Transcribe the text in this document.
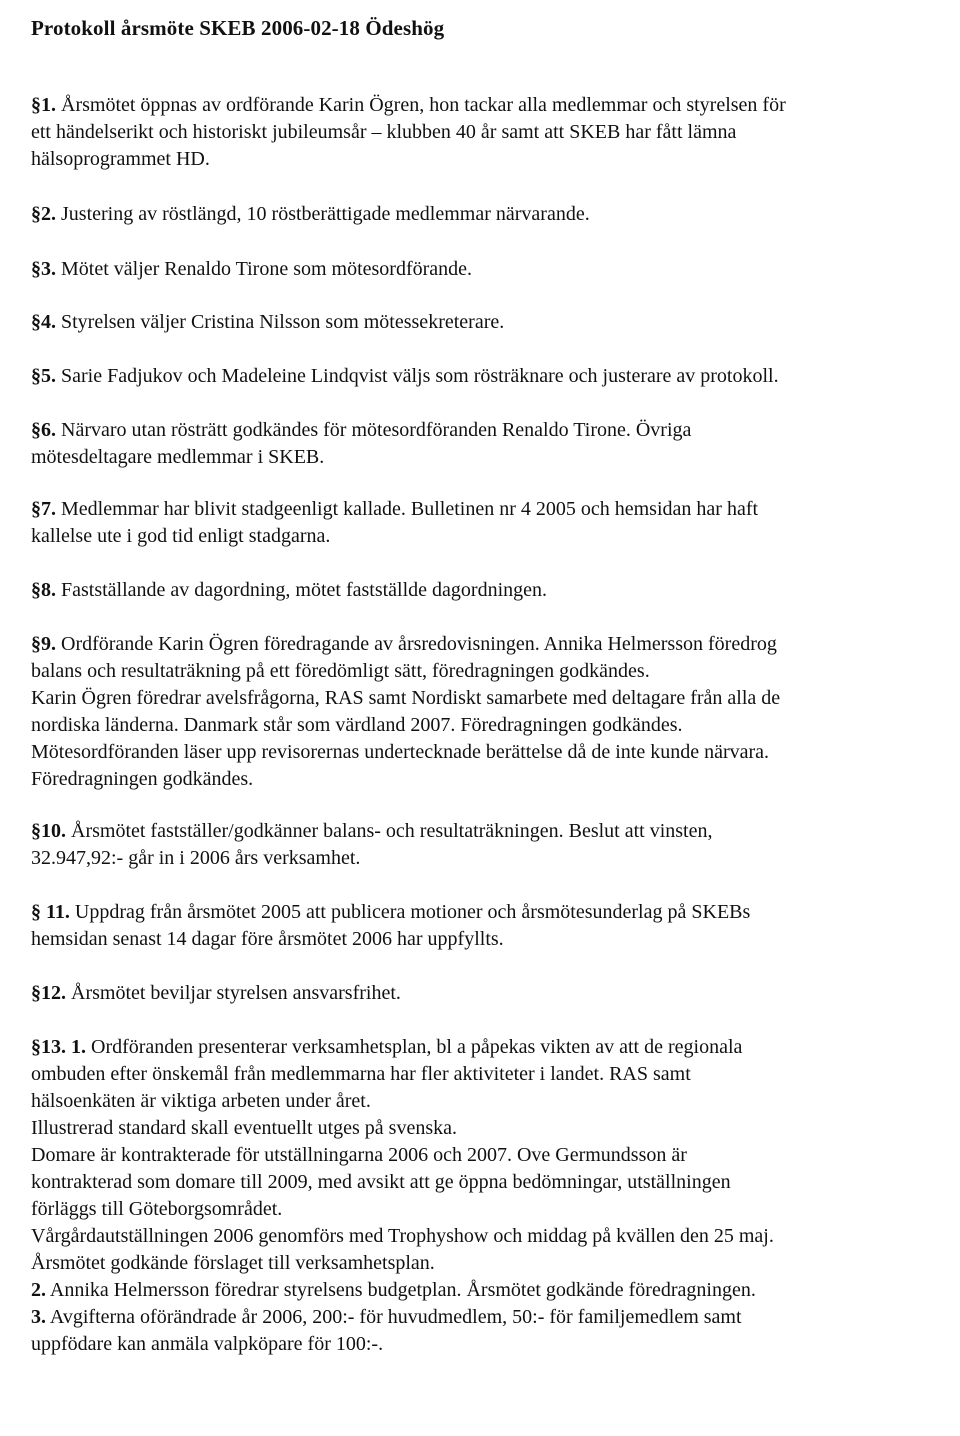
Protokoll årsmöte SKEB 2006-02-18 Ödeshög
§1. Årsmötet öppnas av ordförande Karin Ögren, hon tackar alla medlemmar och styrelsen för
ett händelserikt och historiskt jubileumsår – klubben 40 år samt att SKEB har fått lämna
hälsoprogrammet HD.
§2. Justering av röstlängd, 10 röstberättigade medlemmar närvarande.
§3. Mötet väljer Renaldo Tirone som mötesordförande.
§4. Styrelsen väljer Cristina Nilsson som mötessekreterare.
§5. Sarie Fadjukov och Madeleine Lindqvist väljs som rösträknare och justerare av protokoll.
§6. Närvaro utan rösträtt godkändes för mötesordföranden Renaldo Tirone. Övriga
mötesdeltagare medlemmar i SKEB.
§7. Medlemmar har blivit stadgeenligt kallade. Bulletinen nr 4 2005 och hemsidan har haft
kallelse ute i god tid enligt stadgarna.
§8. Fastställande av dagordning, mötet fastställde dagordningen.
§9. Ordförande Karin Ögren föredragande av årsredovisningen. Annika Helmersson föredrog
balans och resultaträkning på ett föredömligt sätt, föredragningen godkändes.
Karin Ögren föredrar avelsfrågorna, RAS samt Nordiskt samarbete med deltagare från alla de
nordiska länderna. Danmark står som värdland 2007. Föredragningen godkändes.
Mötesordföranden läser upp revisorernas undertecknade berättelse då de inte kunde närvara.
Föredragningen godkändes.
§10. Årsmötet fastställer/godkänner balans- och resultaträkningen. Beslut att vinsten,
32.947,92:- går in i 2006 års verksamhet.
§ 11. Uppdrag från årsmötet 2005 att publicera motioner och årsmötesunderlag på SKEBs
hemsidan senast 14 dagar före årsmötet 2006 har uppfyllts.
§12. Årsmötet beviljar styrelsen ansvarsfrihet.
§13. 1. Ordföranden presenterar verksamhetsplan, bl a påpekas vikten av att de regionala
ombuden efter önskemål från medlemmarna har fler aktiviteter i landet. RAS samt
hälsoenkäten är viktiga arbeten under året.
Illustrerad standard skall eventuellt utges på svenska.
Domare är kontrakterade för utställningarna 2006 och 2007. Ove Germundsson är
kontrakterad som domare till 2009, med avsikt att ge öppna bedömningar, utställningen
förläggs till Göteborgsområdet.
Vårgårdautställningen 2006 genomförs med Trophyshow och middag på kvällen den 25 maj.
Årsmötet godkände förslaget till verksamhetsplan.
2. Annika Helmersson föredrar styrelsens budgetplan. Årsmötet godkände föredragningen.
3. Avgifterna oförändrade år 2006, 200:- för huvudmedlem, 50:- för familjemedlem samt
uppfödare kan anmäla valpköpare för 100:-.
